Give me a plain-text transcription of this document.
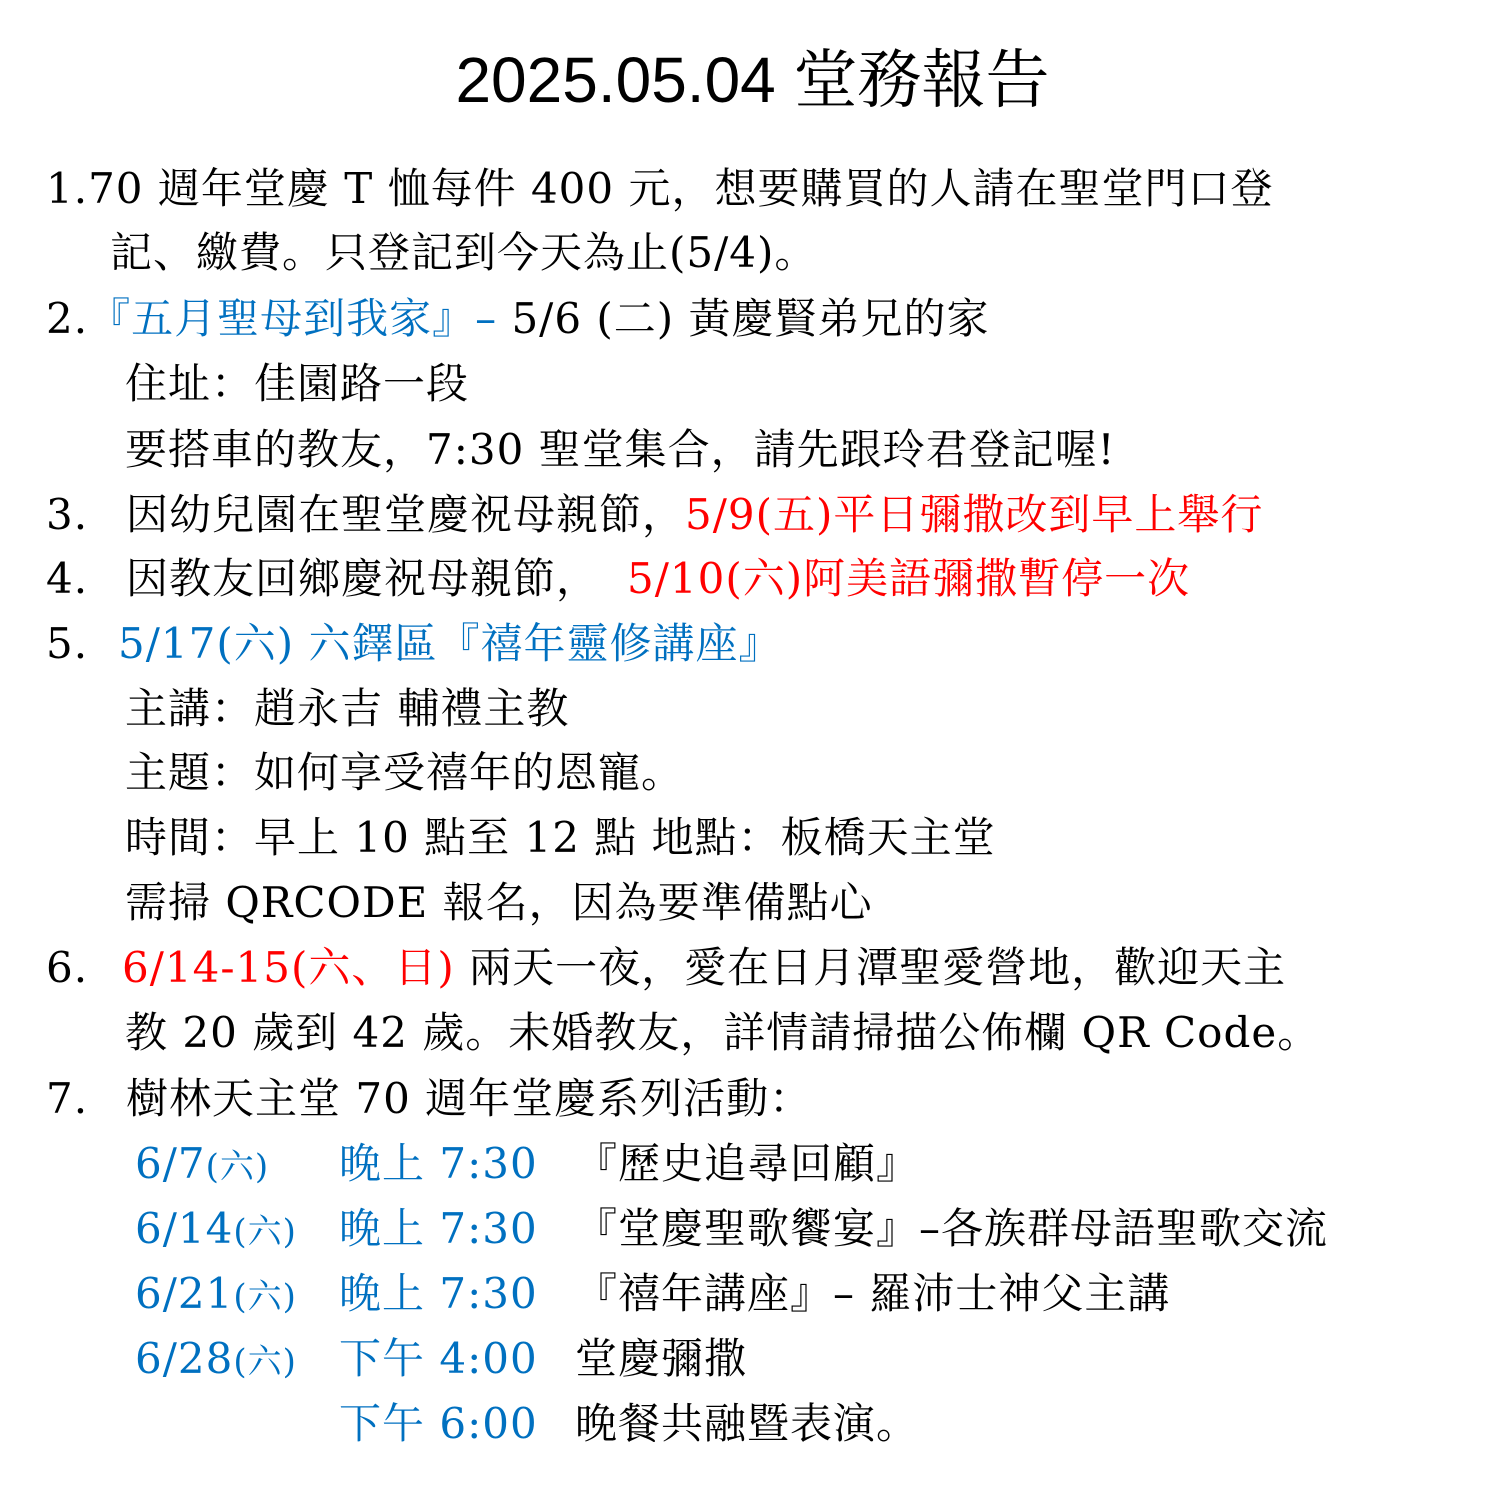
2025.05.04 堂務報告
1.70 週年堂慶 T 恤每件 400 元，想要購買的人請在聖堂門口登
記、繳費。只登記到今天為止(5/4)。
2.『五月聖母到我家』– 5/6 (二) 黃慶賢弟兄的家
住址：佳園路一段
要搭車的教友，7:30 聖堂集合，請先跟玲君登記喔!
3. 因幼兒園在聖堂慶祝母親節，5/9(五)平日彌撒改到早上舉行
4. 因教友回鄉慶祝母親節， 5/10(六)阿美語彌撒暫停一次
5. 5/17(六) 六鐸區『禧年靈修講座』
主講：趙永吉 輔禮主教
主題：如何享受禧年的恩寵。
時間：早上 10 點至 12 點 地點：板橋天主堂
需掃 QRCODE 報名，因為要準備點心
6. 6/14-15(六、日) 兩天一夜，愛在日月潭聖愛營地，歡迎天主
教 20 歲到 42 歲。未婚教友，詳情請掃描公佈欄 QR Code。
7. 樹林天主堂 70 週年堂慶系列活動：
6/7(六) 晚上 7:30 『歷史追尋回顧』
6/14(六) 晚上 7:30 『堂慶聖歌饗宴』–各族群母語聖歌交流
6/21(六) 晚上 7:30 『禧年講座』– 羅沛士神父主講
6/28(六) 下午 4:00 堂慶彌撒
下午 6:00 晚餐共融暨表演。
